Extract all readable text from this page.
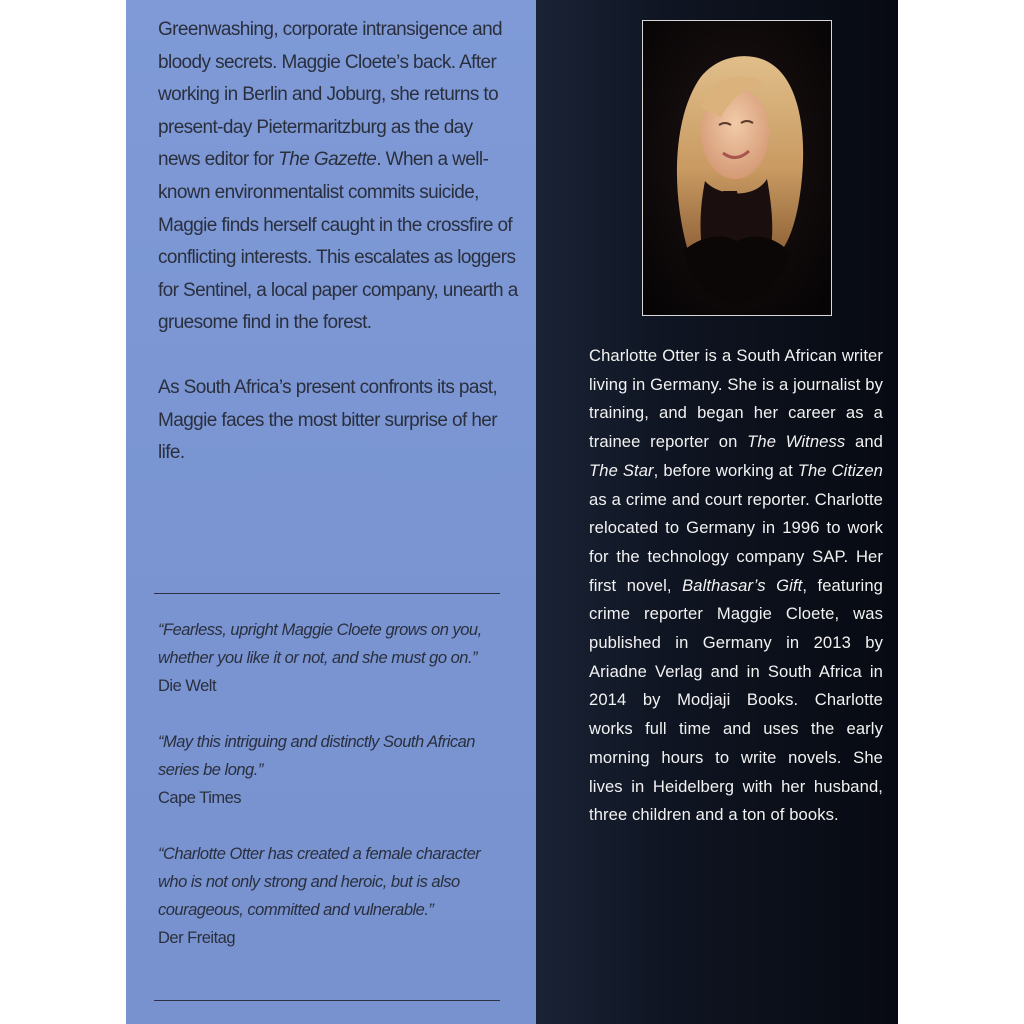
Greenwashing, corporate intransigence and bloody secrets. Maggie Cloete’s back. After working in Berlin and Joburg, she returns to present-day Pietermaritzburg as the day news editor for The Gazette. When a well-known environmentalist commits suicide, Maggie finds herself caught in the crossfire of conflicting interests. This escalates as loggers for Sentinel, a local paper company, unearth a gruesome find in the forest.

As South Africa’s present confronts its past, Maggie faces the most bitter surprise of her life.

“Fearless, upright Maggie Cloete grows on you, whether you like it or not, and she must go on.”
Die Welt
“May this intriguing and distinctly South African series be long.”
Cape Times
“Charlotte Otter has created a female character who is not only strong and heroic, but is also courageous, committed and vulnerable.”
Der Freitag

Charlotte Otter is a South African writer living in Germany. She is a journalist by training, and began her career as a trainee reporter on The Witness and The Star, before working at The Citizen as a crime and court reporter. Charlotte relocated to Germany in 1996 to work for the technology company SAP. Her first novel, Balthasar’s Gift, featuring crime reporter Maggie Cloete, was published in Germany in 2013 by Ariadne Verlag and in South Africa in 2014 by Modjaji Books. Charlotte works full time and uses the early morning hours to write novels. She lives in Heidelberg with her husband, three children and a ton of books.
